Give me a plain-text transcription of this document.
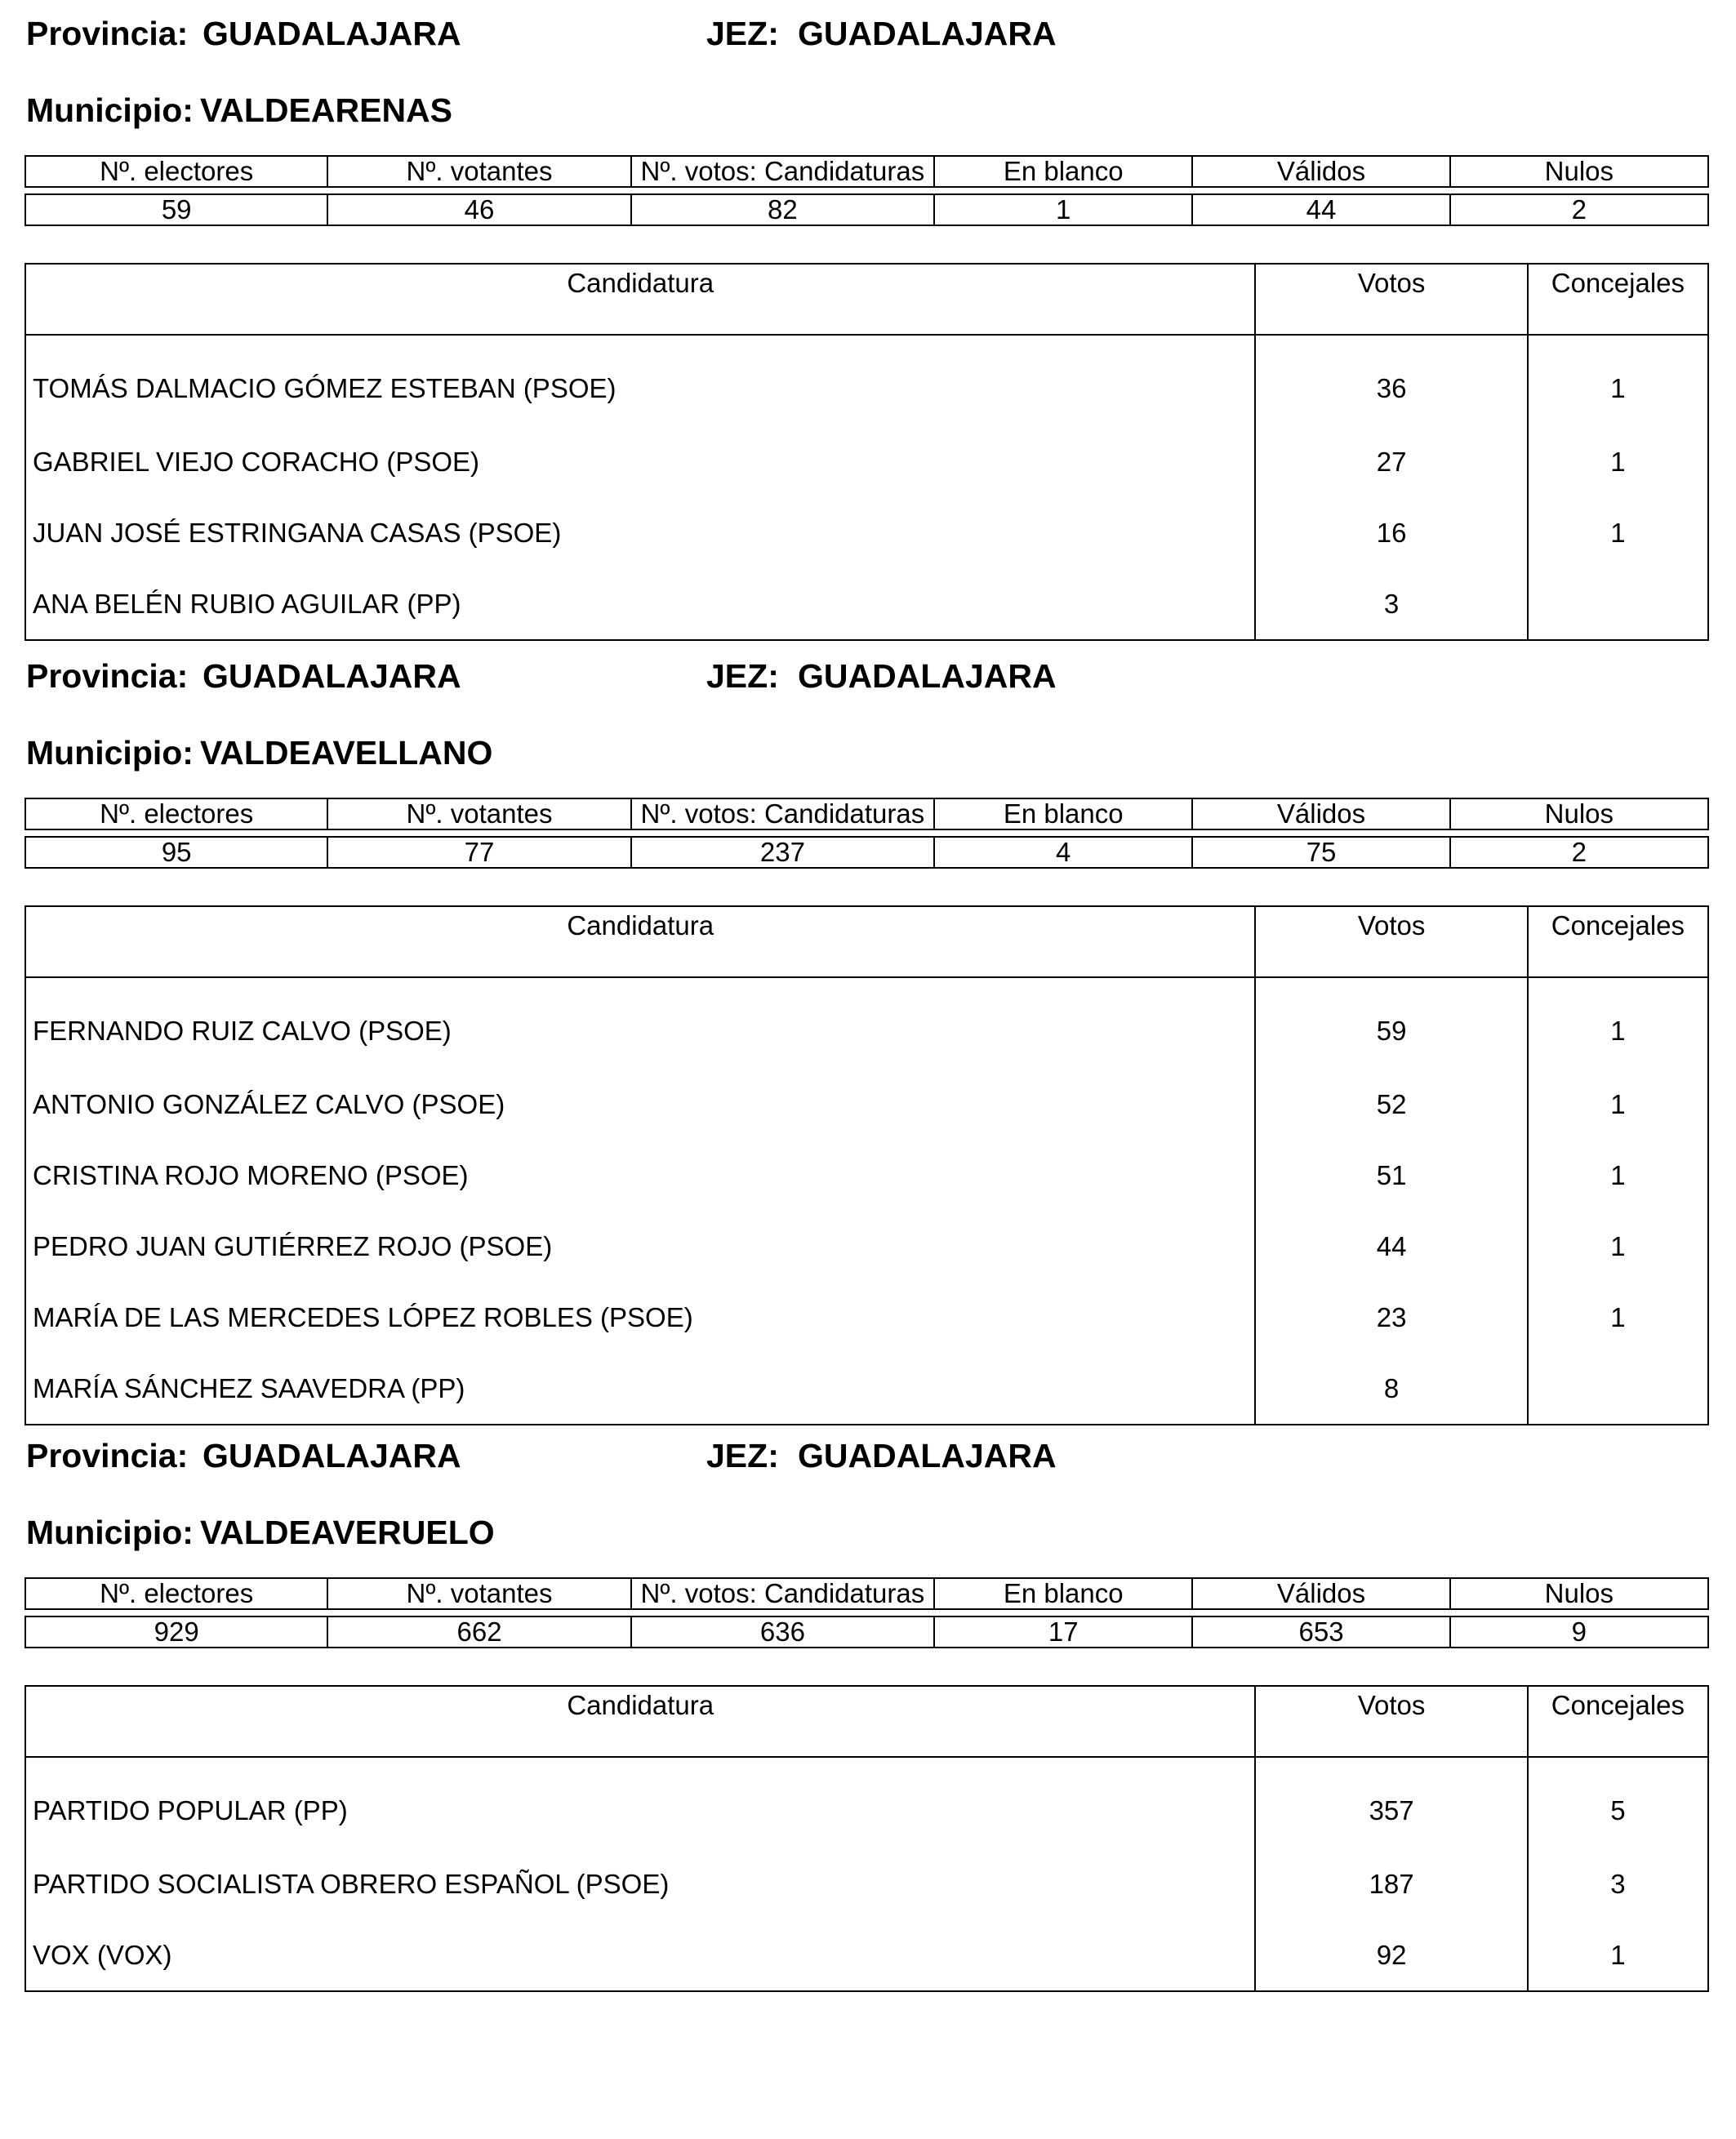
Provincia: GUADALAJARA	JEZ: GUADALAJARA
Municipio: VALDEARENAS
Nº. electores	Nº. votantes	Nº. votos: Candidaturas	En blanco	Válidos	Nulos

59	46	82	1	44	2
Candidatura	Votos	Concejales
TOMÁS DALMACIO GÓMEZ ESTEBAN (PSOE)	36	1
GABRIEL VIEJO CORACHO (PSOE)	27	1
JUAN JOSÉ ESTRINGANA CASAS (PSOE)	16	1
ANA BELÉN RUBIO AGUILAR (PP)	3	
Provincia: GUADALAJARA	JEZ: GUADALAJARA
Municipio: VALDEAVELLANO
Nº. electores	Nº. votantes	Nº. votos: Candidaturas	En blanco	Válidos	Nulos

95	77	237	4	75	2
Candidatura	Votos	Concejales
FERNANDO RUIZ CALVO (PSOE)	59	1
ANTONIO GONZÁLEZ CALVO (PSOE)	52	1
CRISTINA ROJO MORENO (PSOE)	51	1
PEDRO JUAN GUTIÉRREZ ROJO (PSOE)	44	1
MARÍA DE LAS MERCEDES LÓPEZ ROBLES (PSOE)	23	1
MARÍA SÁNCHEZ SAAVEDRA (PP)	8	
Provincia: GUADALAJARA	JEZ: GUADALAJARA
Municipio: VALDEAVERUELO
Nº. electores	Nº. votantes	Nº. votos: Candidaturas	En blanco	Válidos	Nulos

929	662	636	17	653	9
Candidatura	Votos	Concejales
PARTIDO POPULAR (PP)	357	5
PARTIDO SOCIALISTA OBRERO ESPAÑOL (PSOE)	187	3
VOX (VOX)	92	1
